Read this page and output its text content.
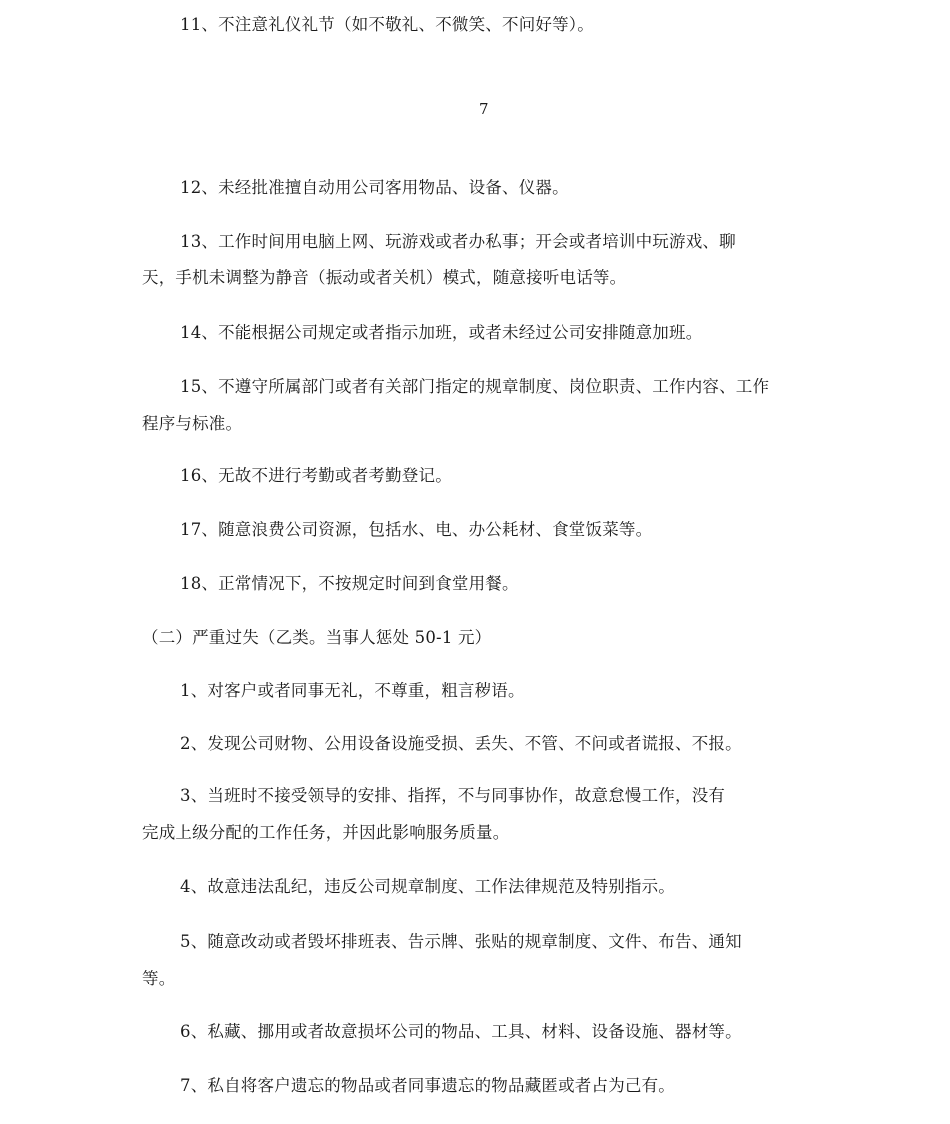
11、不注意礼仪礼节（如不敬礼、不微笑、不问好等）。
7
12、未经批准擅自动用公司客用物品、设备、仪器。
13、工作时间用电脑上网、玩游戏或者办私事；开会或者培训中玩游戏、聊
天，手机未调整为静音（振动或者关机）模式，随意接听电话等。
14、不能根据公司规定或者指示加班，或者未经过公司安排随意加班。
15、不遵守所属部门或者有关部门指定的规章制度、岗位职责、工作内容、工作
程序与标准。
16、无故不进行考勤或者考勤登记。
17、随意浪费公司资源，包括水、电、办公耗材、食堂饭菜等。
18、正常情况下，不按规定时间到食堂用餐。
（二）严重过失（乙类。当事人惩处 50-1 元）
1、对客户或者同事无礼，不尊重，粗言秽语。
2、发现公司财物、公用设备设施受损、丢失、不管、不问或者谎报、不报。
3、当班时不接受领导的安排、指挥，不与同事协作，故意怠慢工作，没有
完成上级分配的工作任务，并因此影响服务质量。
4、故意违法乱纪，违反公司规章制度、工作法律规范及特别指示。
5、随意改动或者毁坏排班表、告示牌、张贴的规章制度、文件、布告、通知
等。
6、私藏、挪用或者故意损坏公司的物品、工具、材料、设备设施、器材等。
7、私自将客户遗忘的物品或者同事遗忘的物品藏匿或者占为己有。
